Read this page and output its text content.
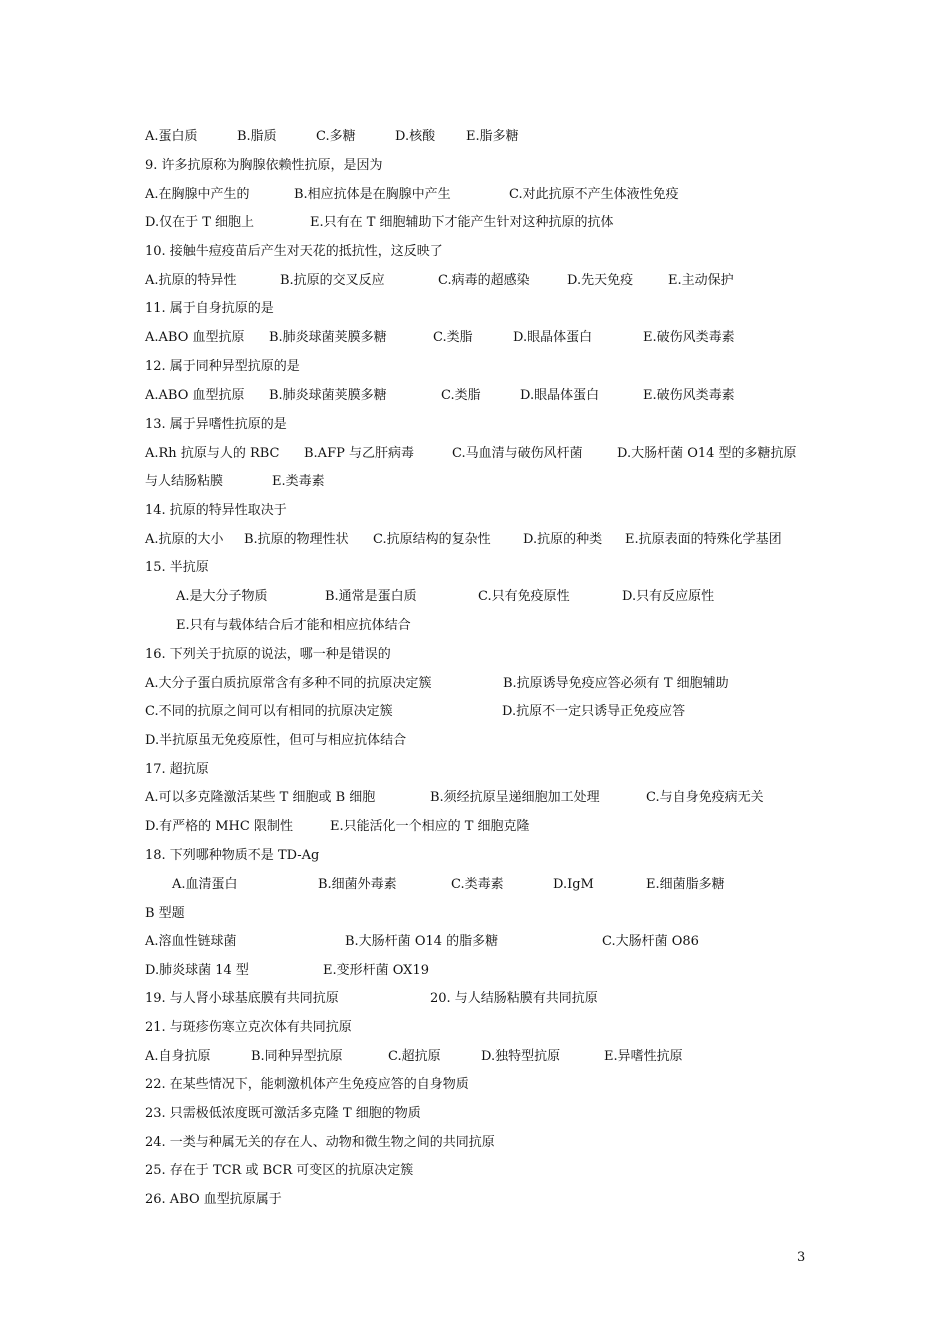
A.蛋白质	B.脂质	C.多糖	D.核酸 E.脂多糖
9. 许多抗原称为胸腺依赖性抗原，是因为
A.在胸腺中产生的	B.相应抗体是在胸腺中产生	C.对此抗原不产生体液性免疫
D.仅在于 T 细胞上	E.只有在 T 细胞辅助下才能产生针对这种抗原的抗体
10. 接触牛痘疫苗后产生对天花的抵抗性，这反映了
A.抗原的特异性	B.抗原的交叉反应	C.病毒的超感染	D.先天免疫	E.主动保护
11. 属于自身抗原的是
A.ABO 血型抗原 B.肺炎球菌荚膜多糖	C.类脂	D.眼晶体蛋白	E.破伤风类毒素
12. 属于同种异型抗原的是
A.ABO 血型抗原 B.肺炎球菌荚膜多糖	C.类脂	D.眼晶体蛋白	E.破伤风类毒素
13. 属于异嗜性抗原的是
A.Rh 抗原与人的 RBC B.AFP 与乙肝病毒	C.马血清与破伤风杆菌	D.大肠杆菌 O14 型的多糖抗原
与人结肠粘膜	E.类毒素
14. 抗原的特异性取决于
A.抗原的大小 B.抗原的物理性状 C.抗原结构的复杂性 D.抗原的种类 E.抗原表面的特殊化学基团
15. 半抗原
A.是大分子物质	B.通常是蛋白质	C.只有免疫原性	D.只有反应原性
E.只有与载体结合后才能和相应抗体结合
16. 下列关于抗原的说法，哪一种是错误的
A.大分子蛋白质抗原常含有多种不同的抗原决定簇	B.抗原诱导免疫应答必须有 T 细胞辅助
C.不同的抗原之间可以有相同的抗原决定簇	D.抗原不一定只诱导正免疫应答
D.半抗原虽无免疫原性，但可与相应抗体结合
17. 超抗原
A.可以多克隆激活某些 T 细胞或 B 细胞	B.须经抗原呈递细胞加工处理	C.与自身免疫病无关
D.有严格的 MHC 限制性	E.只能活化一个相应的 T 细胞克隆
18. 下列哪种物质不是 TD-Ag
A.血清蛋白	B.细菌外毒素	C.类毒素	D.IgM	E.细菌脂多糖
B 型题
A.溶血性链球菌	B.大肠杆菌 O14 的脂多糖	C.大肠杆菌 O86
D.肺炎球菌 14 型	E.变形杆菌 OX19
19. 与人肾小球基底膜有共同抗原	20. 与人结肠粘膜有共同抗原
21. 与斑疹伤寒立克次体有共同抗原
A.自身抗原	B.同种异型抗原	C.超抗原	D.独特型抗原	E.异嗜性抗原
22. 在某些情况下，能刺激机体产生免疫应答的自身物质
23. 只需极低浓度既可激活多克隆 T 细胞的物质
24. 一类与种属无关的存在人、动物和微生物之间的共同抗原
25. 存在于 TCR 或 BCR 可变区的抗原决定簇
26. ABO 血型抗原属于
3
